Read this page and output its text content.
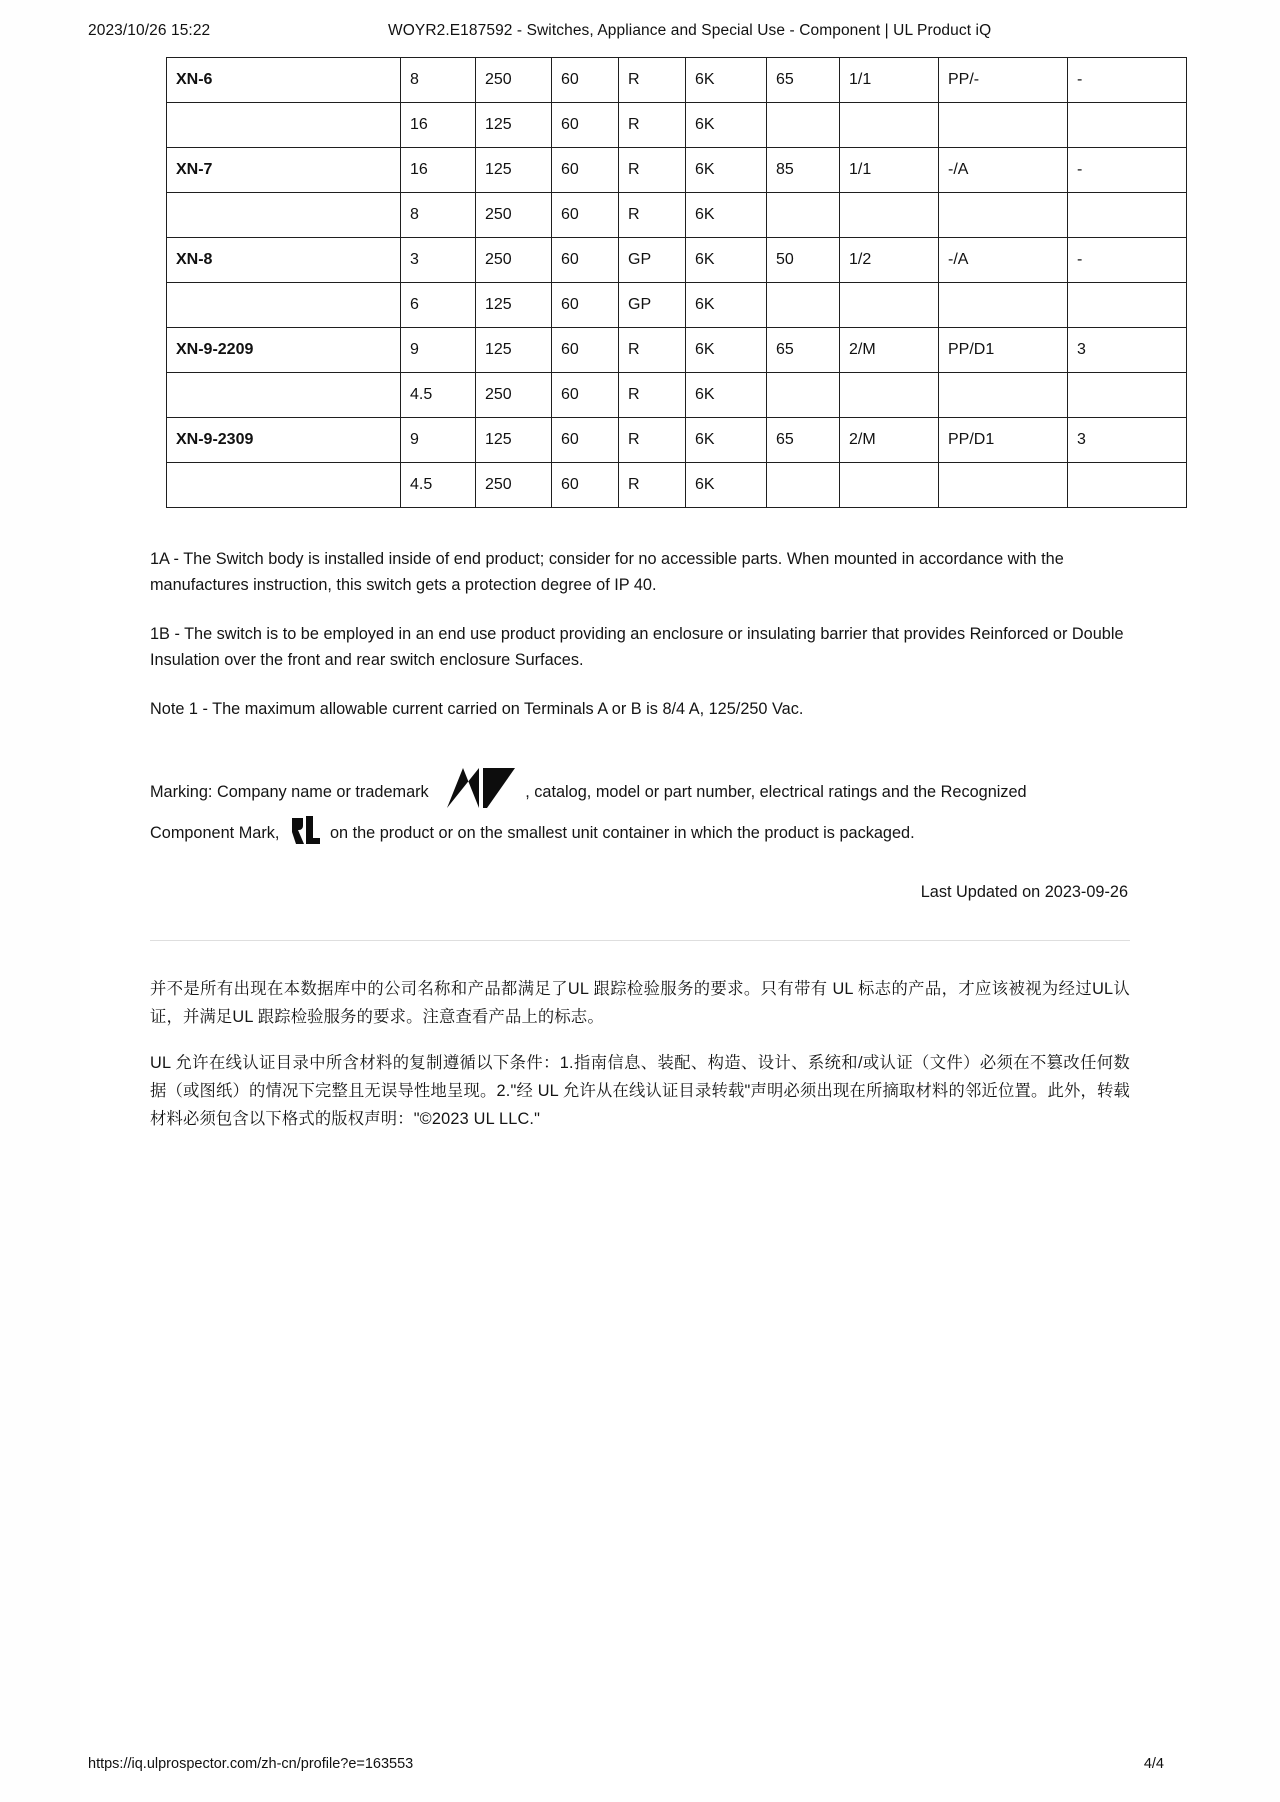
2023/10/26 15:22	WOYR2.E187592 - Switches, Appliance and Special Use - Component | UL Product iQ
XN-6	8	250	60	R	6K	65	1/1	PP/-	-
	16	125	60	R	6K				
XN-7	16	125	60	R	6K	85	1/1	-/A	-
	8	250	60	R	6K				
XN-8	3	250	60	GP	6K	50	1/2	-/A	-
	6	125	60	GP	6K				
XN-9-2209	9	125	60	R	6K	65	2/M	PP/D1	3
	4.5	250	60	R	6K				
XN-9-2309	9	125	60	R	6K	65	2/M	PP/D1	3
	4.5	250	60	R	6K				

1A - The Switch body is installed inside of end product; consider for no accessible parts. When mounted in accordance with the manufactures instruction, this switch gets a protection degree of IP 40.

1B - The switch is to be employed in an end use product providing an enclosure or insulating barrier that provides Reinforced or Double Insulation over the front and rear switch enclosure Surfaces.

Note 1 - The maximum allowable current carried on Terminals A or B is 8/4 A, 125/250 Vac.

Marking: Company name or trademark	, catalog, model or part number, electrical ratings and the Recognized
Component Mark,	on the product or on the smallest unit container in which the product is packaged.
Last Updated on 2023-09-26

并不是所有出现在本数据库中的公司名称和产品都满足了UL 跟踪检验服务的要求。只有带有 UL 标志的产品，才应该被视为经过UL认证，并满足UL 跟踪检验服务的要求。注意查看产品上的标志。

UL 允许在线认证目录中所含材料的复制遵循以下条件：1.指南信息、装配、构造、设计、系统和/或认证（文件）必须在不篡改任何数据（或图纸）的情况下完整且无误导性地呈现。2."经 UL 允许从在线认证目录转载"声明必须出现在所摘取材料的邻近位置。此外，转载材料必须包含以下格式的版权声明："©2023 UL LLC."

https://iq.ulprospector.com/zh-cn/profile?e=163553	4/4
